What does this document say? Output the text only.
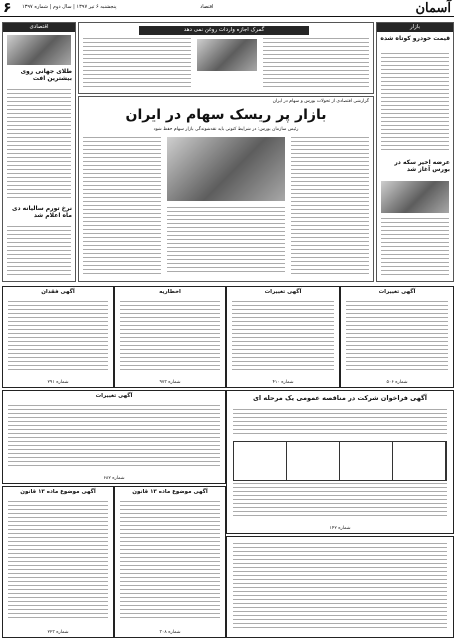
آسمان
۶ پنجشنبه ۶ تیر ۱۳۹۷ | سال دوم | شماره ۱۳۹۷	اقتصاد
اقتصادی
طلای جهانی روی بیشترین افت
نرخ تورم سالیانه دی ماه اعلام شد
بازار
قیمت خودرو کوتاه شده
عرضه اخیر سکه در بورس آغاز شد
گمرک اجازه واردات روغن نمی دهد
گزارشی اقتصادی از تحولات بورس و سهام در ایران
بازار پر ریسک سهام در ایران
رئیس سازمان بورس: در شرایط کنونی باید نقدشوندگی بازار سهام حفظ شود
آگهی فقدان
شماره ۲۹۱
اخطاریه
شماره ۹۷۳
آگهی تغییرات
شماره ۴۱۰
آگهی تغییرات
شماره ۵۰۶
آگهی تغییرات
شماره ۶۸۲
آگهی فراخوان شرکت در مناقصه عمومی یک مرحله ای
شماره ۱۴۲
آگهی موضوع ماده ۱۳ قانون
شماره ۲۲۳
آگهی موضوع ماده ۱۳ قانون
شماره ۳۰۸
